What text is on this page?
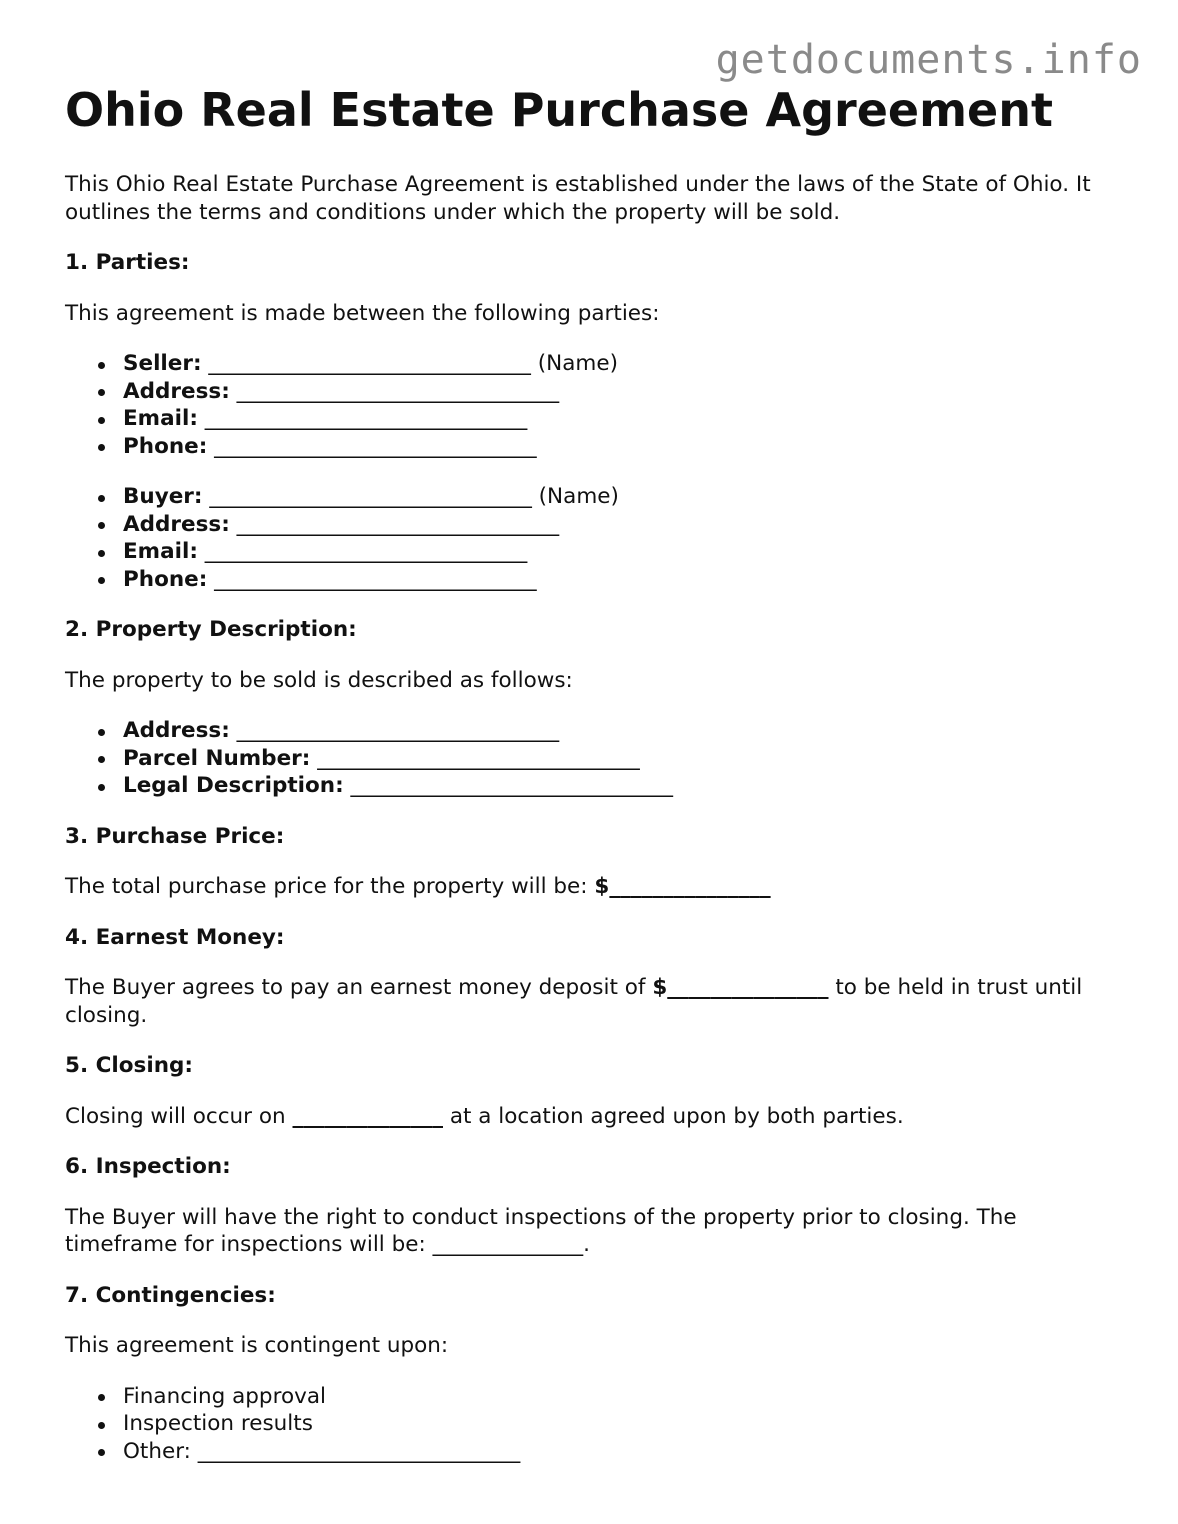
getdocuments.info
Ohio Real Estate Purchase Agreement

This Ohio Real Estate Purchase Agreement is established under the laws of the State of Ohio. It outlines the terms and conditions under which the property will be sold.

1. Parties:

This agreement is made between the following parties:

Seller: ______________________________ (Name)
Address: ______________________________
Email: ______________________________
Phone: ______________________________
Buyer: ______________________________ (Name)
Address: ______________________________
Email: ______________________________
Phone: ______________________________

2. Property Description:

The property to be sold is described as follows:

Address: ______________________________
Parcel Number: ______________________________
Legal Description: ______________________________

3. Purchase Price:

The total purchase price for the property will be: $_______________

4. Earnest Money:

The Buyer agrees to pay an earnest money deposit of $_______________ to be held in trust until closing.

5. Closing:

Closing will occur on ______________ at a location agreed upon by both parties.

6. Inspection:

The Buyer will have the right to conduct inspections of the property prior to closing. The timeframe for inspections will be: ______________.

7. Contingencies:

This agreement is contingent upon:

Financing approval
Inspection results
Other: ______________________________
